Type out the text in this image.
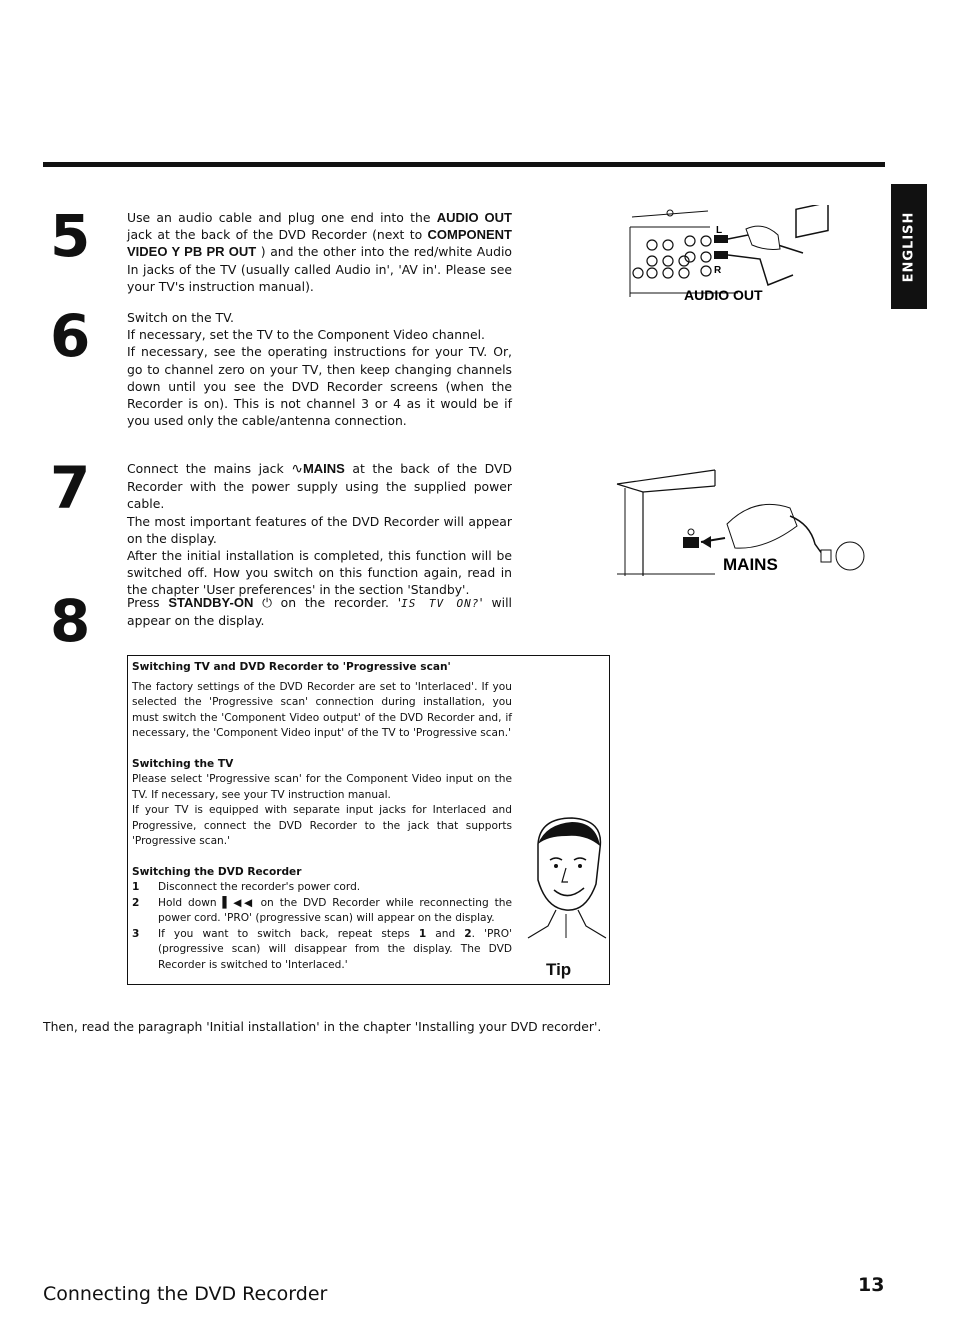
ENGLISH
5	Use an audio cable and plug one end into the AUDIO OUT jack at the back of the DVD Recorder (next to COMPONENT VIDEO Y PB PR OUT ) and the other into the red/white Audio In jacks of the TV (usually called Audio in', 'AV in'. Please see your TV's instruction manual).
6	Switch on the TV.
If necessary, set the TV to the Component Video channel.
If necessary, see the operating instructions for your TV. Or, go to channel zero on your TV, then keep changing channels down until you see the DVD Recorder screens (when the Recorder is on). This is not channel 3 or 4 as it would be if you used only the cable/antenna connection.
7	Connect the mains jack ∿MAINS at the back of the DVD Recorder with the power supply using the supplied power cable.
The most important features of the DVD Recorder will appear on the display.
After the initial installation is completed, this function will be switched off. How you switch on this function again, read in the chapter 'User preferences' in the section 'Standby'.
8	Press STANDBY-ON ⏻ on the recorder. 'IS TV ON?' will appear on the display.
L
R
AUDIO OUT
MAINS
Switching TV and DVD Recorder to 'Progressive scan'
The factory settings of the DVD Recorder are set to 'Interlaced'. If you selected the 'Progressive scan' connection during installation, you must switch the 'Component Video output' of the DVD Recorder and, if necessary, the 'Component Video input' of the TV to 'Progressive scan.'
Switching the TV
Please select 'Progressive scan' for the Component Video input on the TV. If necessary, see your TV instruction manual.
If your TV is equipped with separate input jacks for Interlaced and Progressive, connect the DVD Recorder to the jack that supports 'Progressive scan.'
Switching the DVD Recorder
1 Disconnect the recorder's power cord.
2 Hold down ▌◀◀ on the DVD Recorder while reconnecting the power cord. 'PRO' (progressive scan) will appear on the display.
3 If you want to switch back, repeat steps 1 and 2. 'PRO' (progressive scan) will disappear from the display. The DVD Recorder is switched to 'Interlaced.'	Tip
Then, read the paragraph 'Initial installation' in the chapter 'Installing your DVD recorder'.
Connecting the DVD Recorder	13
